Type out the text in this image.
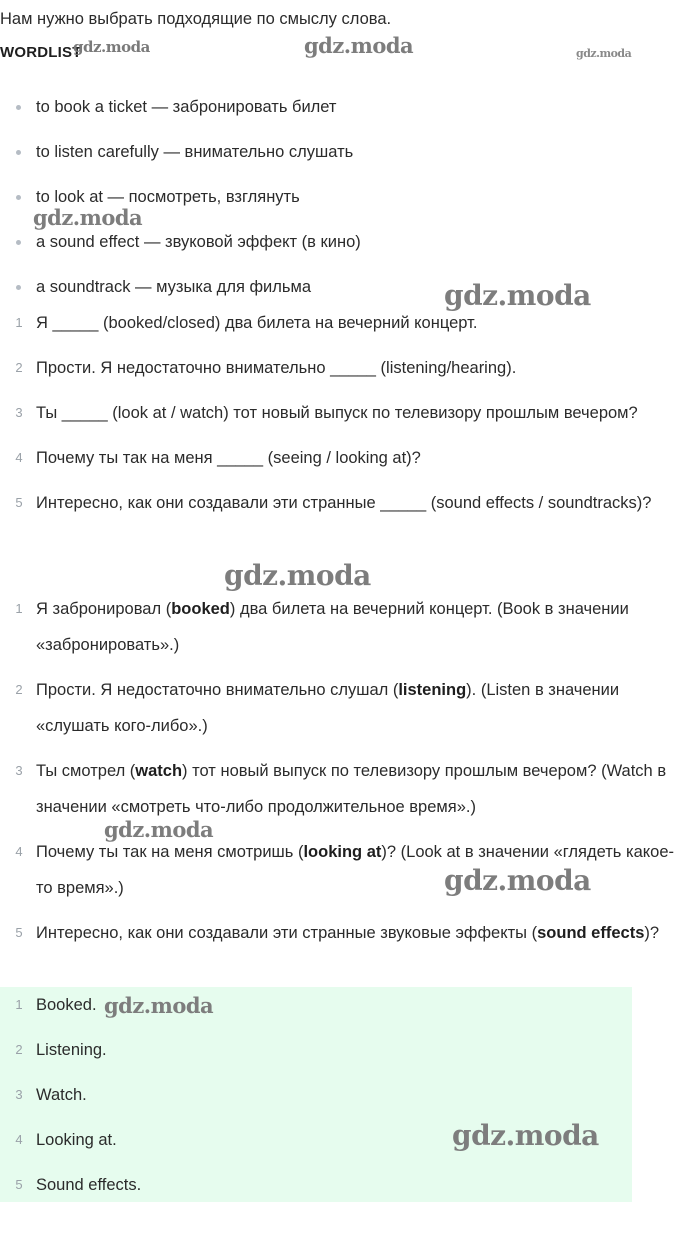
Нам нужно выбрать подходящие по смыслу слова.
WORDLIST
to book a ticket — забронировать билет
to listen carefully — внимательно слушать
to look at — посмотреть, взглянуть
a sound effect — звуковой эффект (в кино)
a soundtrack — музыка для фильма
1 Я _____ (booked/closed) два билета на вечерний концерт.
2 Прости. Я недостаточно внимательно _____ (listening/hearing).
3 Ты _____ (look at / watch) тот новый выпуск по телевизору прошлым вечером?
4 Почему ты так на меня _____ (seeing / looking at)?
5 Интересно, как они создавали эти странные _____ (sound effects / soundtracks)?
1 Я забронировал (booked) два билета на вечерний концерт. (Book в значении «забронировать».)
2 Прости. Я недостаточно внимательно слушал (listening). (Listen в значении «слушать кого-либо».)
3 Ты смотрел (watch) тот новый выпуск по телевизору прошлым вечером? (Watch в значении «смотреть что-либо продолжительное время».)
4 Почему ты так на меня смотришь (looking at)? (Look at в значении «глядеть какое-то время».)
5 Интересно, как они создавали эти странные звуковые эффекты (sound effects)?
1 Booked.
2 Listening.
3 Watch.
4 Looking at.
5 Sound effects.
gdz.moda	gdz.moda	gdz.moda
gdz.moda
gdz.moda
gdz.moda
gdz.moda
gdz.moda
gdz.moda
gdz.moda
